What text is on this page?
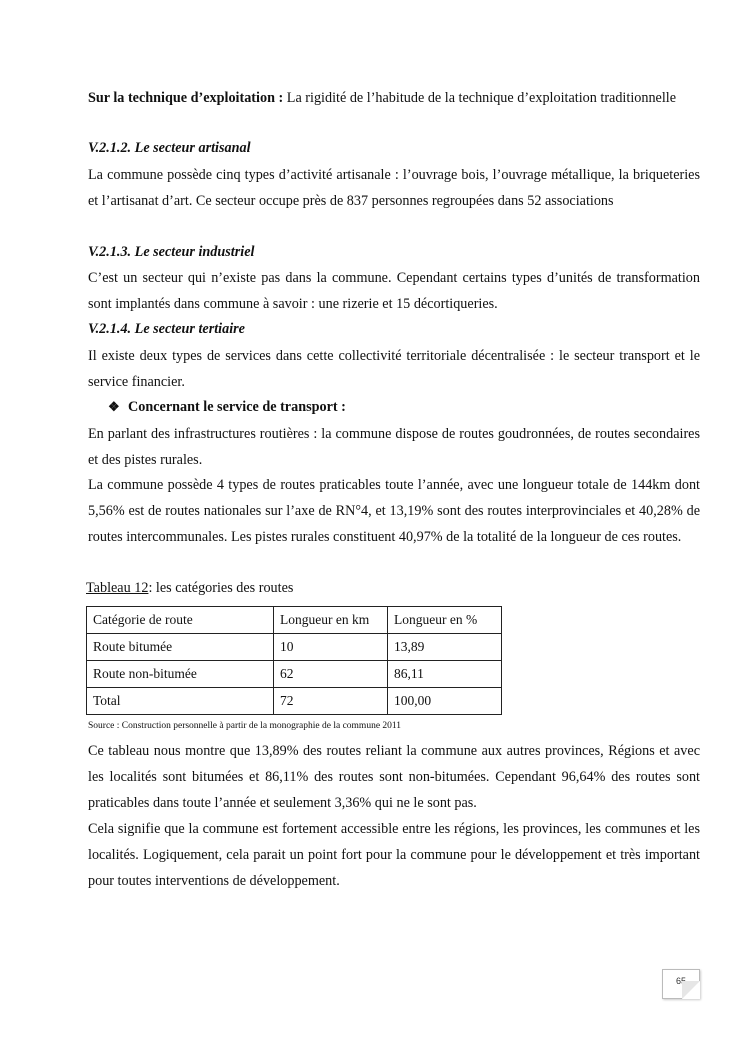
Sur la technique d’exploitation : La rigidité de l’habitude de la technique d’exploitation traditionnelle

V.2.1.2. Le secteur artisanal

La commune possède cinq types d’activité artisanale : l’ouvrage bois, l’ouvrage métallique, la briqueteries et l’artisanat d’art. Ce secteur occupe près de 837 personnes regroupées dans 52 associations

V.2.1.3. Le secteur industriel

C’est un secteur qui n’existe pas dans la commune. Cependant certains types d’unités de transformation sont implantés dans commune à savoir : une rizerie et 15 décortiqueries.

V.2.1.4. Le secteur tertiaire

Il existe deux types de services dans cette collectivité territoriale décentralisée : le secteur transport et le service financier.

❖ Concernant le service de transport :

En parlant des infrastructures routières : la commune dispose de routes goudronnées, de routes secondaires et des pistes rurales.

La commune possède 4 types de routes praticables toute l’année, avec une longueur totale de 144km dont 5,56% est de routes nationales sur l’axe de RN°4, et 13,19% sont des routes interprovinciales et 40,28% de routes intercommunales. Les pistes rurales constituent 40,97% de la totalité de la longueur de ces routes.

Tableau 12: les catégories des routes
Catégorie de route	Longueur en km	Longueur en %
Route bitumée	10	13,89
Route non-bitumée	62	86,11
Total	72	100,00
Source : Construction personnelle à partir de la monographie de la commune 2011

Ce tableau nous montre que 13,89% des routes reliant la commune aux autres provinces, Régions et avec les localités sont bitumées et 86,11% des routes sont non-bitumées. Cependant 96,64% des routes sont praticables dans toute l’année et seulement 3,36% qui ne le sont pas.

Cela signifie que la commune est fortement accessible entre les régions, les provinces, les communes et les localités. Logiquement, cela parait un point fort pour la commune pour le développement et très important pour toutes interventions de développement.

65
